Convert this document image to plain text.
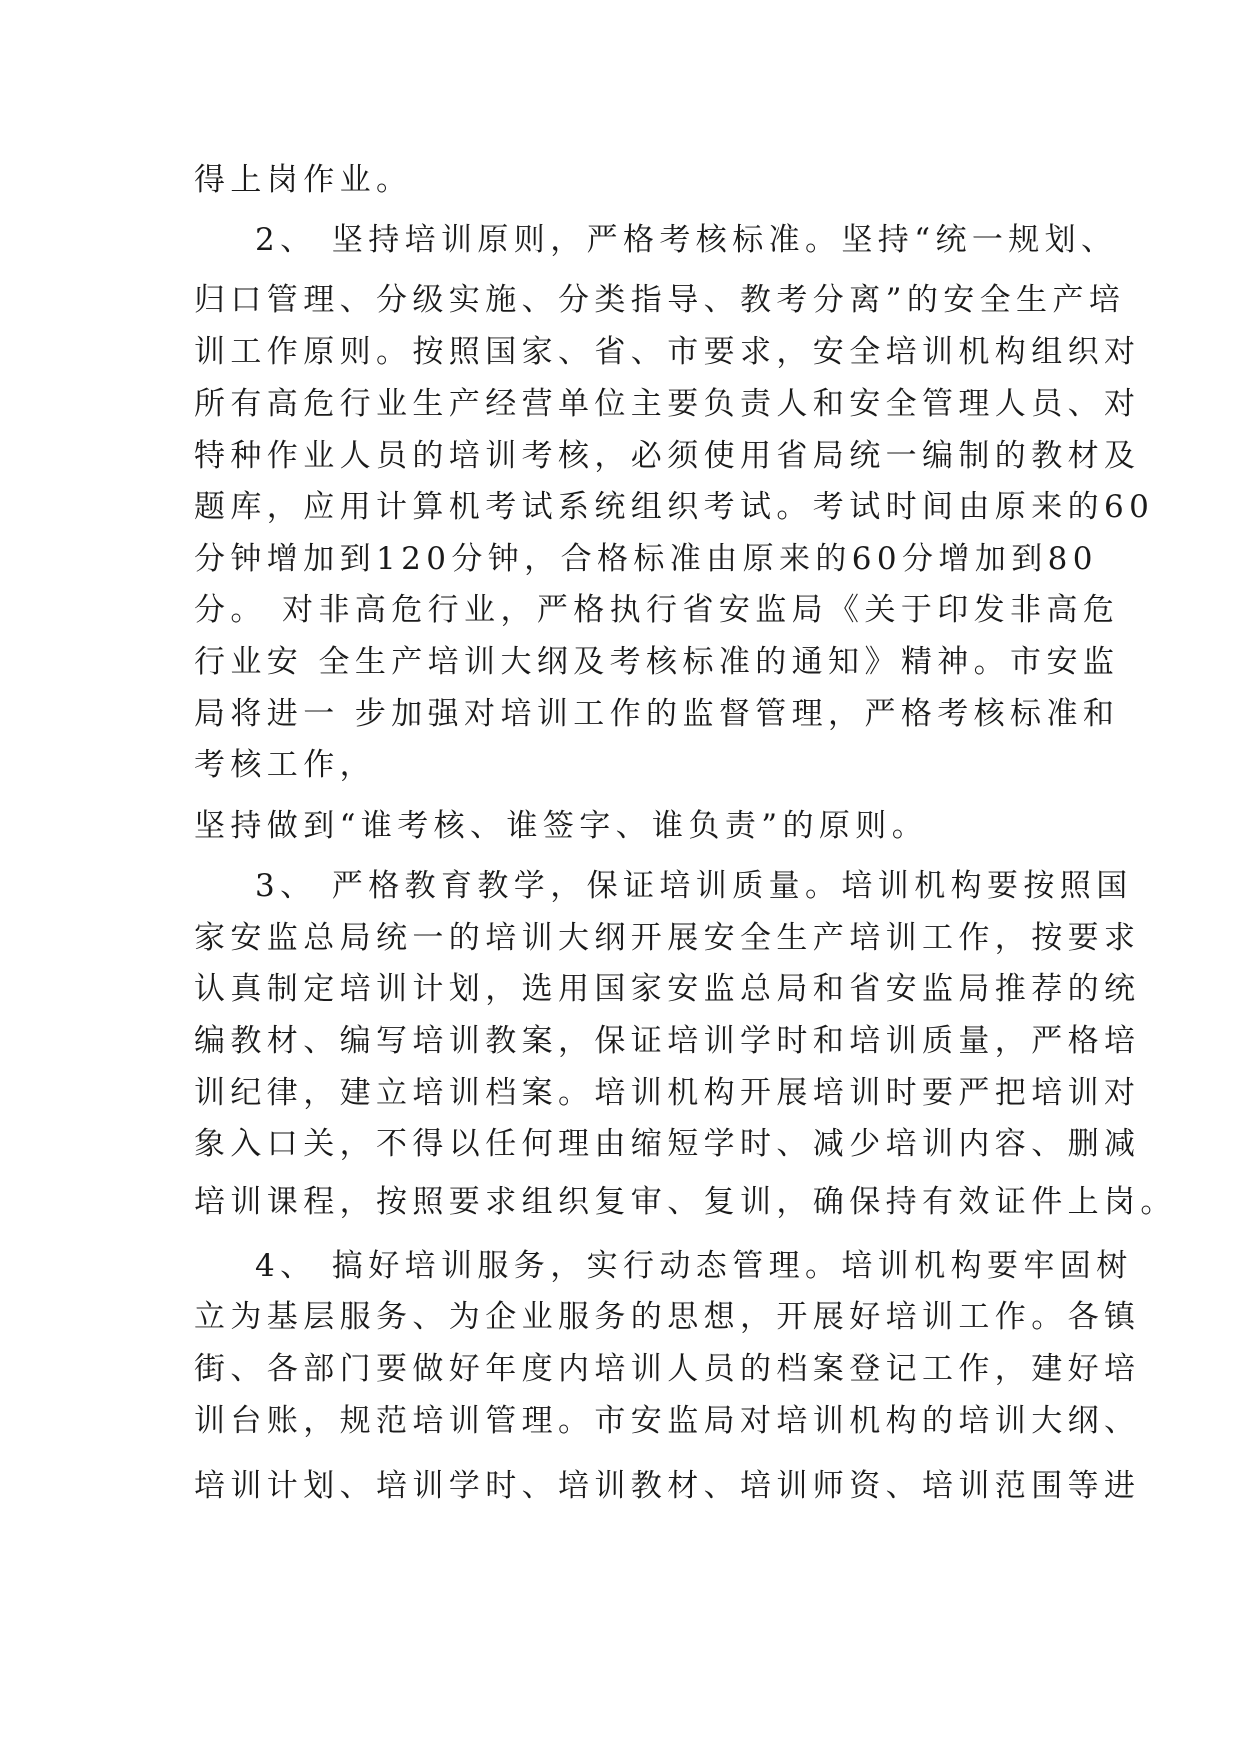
得上岗作业。
2、 坚持培训原则，严格考核标准。坚持“统一规划、
归口管理、分级实施、分类指导、教考分离”的安全生产培
训工作原则。按照国家、省、市要求，安全培训机构组织对
所有高危行业生产经营单位主要负责人和安全管理人员、对
特种作业人员的培训考核，必须使用省局统一编制的教材及
题库，应用计算机考试系统组织考试。考试时间由原来的60
分钟增加到120分钟，合格标准由原来的60分增加到80
分。 对非高危行业，严格执行省安监局《关于印发非高危
行业安 全生产培训大纲及考核标准的通知》精神。市安监
局将进一 步加强对培训工作的监督管理，严格考核标准和
考核工作，
坚持做到“谁考核、谁签字、谁负责”的原则。
3、 严格教育教学，保证培训质量。培训机构要按照国
家安监总局统一的培训大纲开展安全生产培训工作，按要求
认真制定培训计划，选用国家安监总局和省安监局推荐的统
编教材、编写培训教案，保证培训学时和培训质量，严格培
训纪律，建立培训档案。培训机构开展培训时要严把培训对
象入口关，不得以任何理由缩短学时、减少培训内容、删减
培训课程，按照要求组织复审、复训，确保持有效证件上岗。
4、 搞好培训服务，实行动态管理。培训机构要牢固树
立为基层服务、为企业服务的思想，开展好培训工作。各镇
街、各部门要做好年度内培训人员的档案登记工作，建好培
训台账，规范培训管理。市安监局对培训机构的培训大纲、
培训计划、培训学时、培训教材、培训师资、培训范围等进
